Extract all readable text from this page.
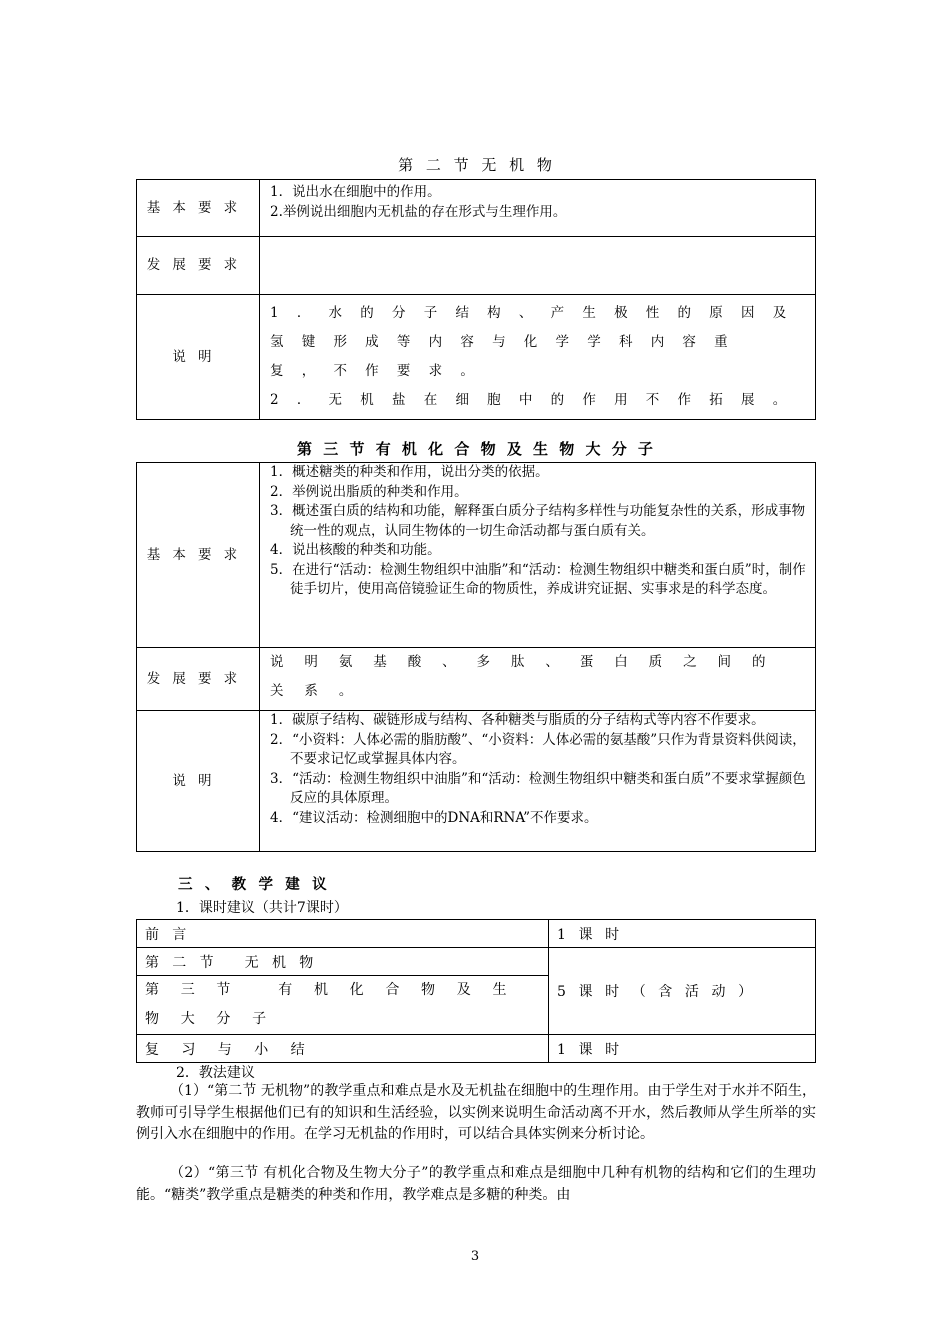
第 二 节 无 机 物
基本要求	1．说出水在细胞中的作用。
2.举例说出细胞内无机盐的存在形式与生理作用。

发展要求	
说明	1．水的分子结构、产生极性的原因及氢键形成等内容与化学学科内容重复，不作要求。
2．无机盐在细胞中的作用不作拓展。
第 三 节 有 机 化 合 物 及 生 物 大 分 子
基本要求	1．概述糖类的种类和作用，说出分类的依据。
2．举例说出脂质的种类和作用。
3．概述蛋白质的结构和功能，解释蛋白质分子结构多样性与功能复杂性的关系，形成事物统一性的观点，认同生物体的一切生命活动都与蛋白质有关。
4．说出核酸的种类和功能。
5．在进行“活动：检测生物组织中油脂”和“活动：检测生物组织中糖类和蛋白质”时，制作徒手切片，使用高倍镜验证生命的物质性，养成讲究证据、实事求是的科学态度。

发展要求	说明氨基酸、多肽、蛋白质之间的关系。

说明	1．碳原子结构、碳链形成与结构、各种糖类与脂质的分子结构式等内容不作要求。
2．“小资料：人体必需的脂肪酸”、“小资料：人体必需的氨基酸”只作为背景资料供阅读，不要求记忆或掌握具体内容。
3．“活动：检测生物组织中油脂”和“活动：检测生物组织中糖类和蛋白质”不要求掌握颜色反应的具体原理。
4．“建议活动：检测细胞中的DNA和RNA”不作要求。
三、教学建议
1．课时建议（共计7课时）
前言	1课时
第二节 无机物	5课时（含活动）
第三节 有机化合物及生物大分子	
复习与小结	1课时
2．教法建议
（1）“第二节 无机物”的教学重点和难点是水及无机盐在细胞中的生理作用。由于学生对于水并不陌生，教师可引导学生根据他们已有的知识和生活经验，以实例来说明生命活动离不开水，然后教师从学生所举的实例引入水在细胞中的作用。在学习无机盐的作用时，可以结合具体实例来分析讨论。
（2）“第三节 有机化合物及生物大分子”的教学重点和难点是细胞中几种有机物的结构和它们的生理功能。“糖类”教学重点是糖类的种类和作用，教学难点是多糖的种类。由
3
